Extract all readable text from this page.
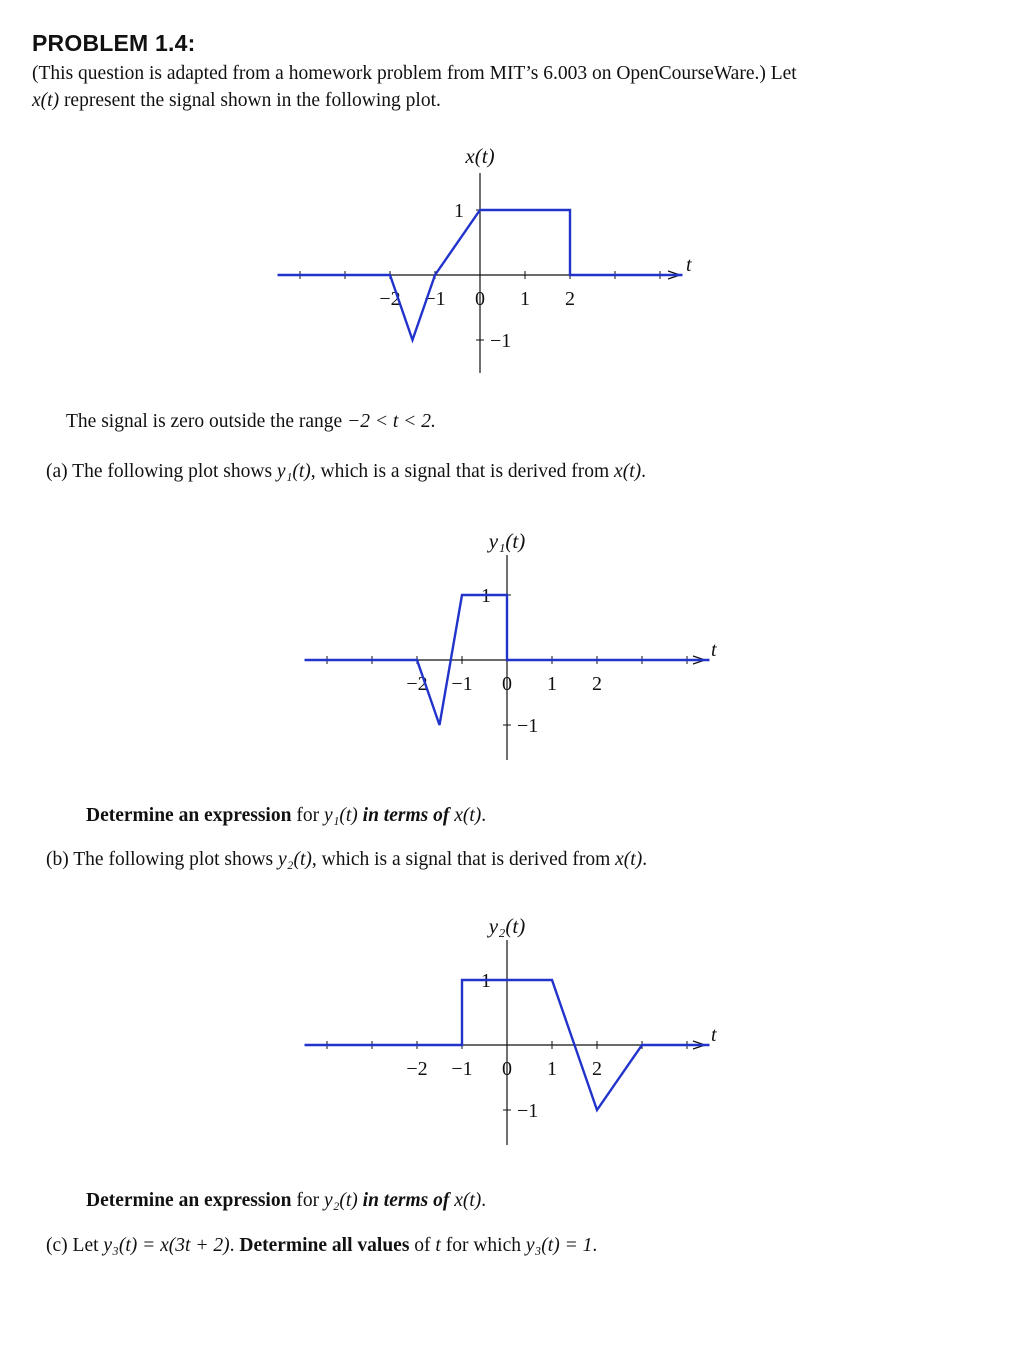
PROBLEM 1.4:
(This question is adapted from a homework problem from MIT’s 6.003 on OpenCourseWare.) Let
x(t) represent the signal shown in the following plot.
x(t)
t
−2 −1 0 1 2
1
−1
The signal is zero outside the range −2 < t < 2.
(a) The following plot shows y₁(t), which is a signal that is derived from x(t).
y₁(t)
t
−2 −1 0 1 2
1
−1
Determine an expression for y₁(t) in terms of x(t).
(b) The following plot shows y₂(t), which is a signal that is derived from x(t).
y₂(t)
t
−2 −1 0 1 2
1
−1
Determine an expression for y₂(t) in terms of x(t).
(c) Let y₃(t) = x(3t + 2). Determine all values of t for which y₃(t) = 1.
